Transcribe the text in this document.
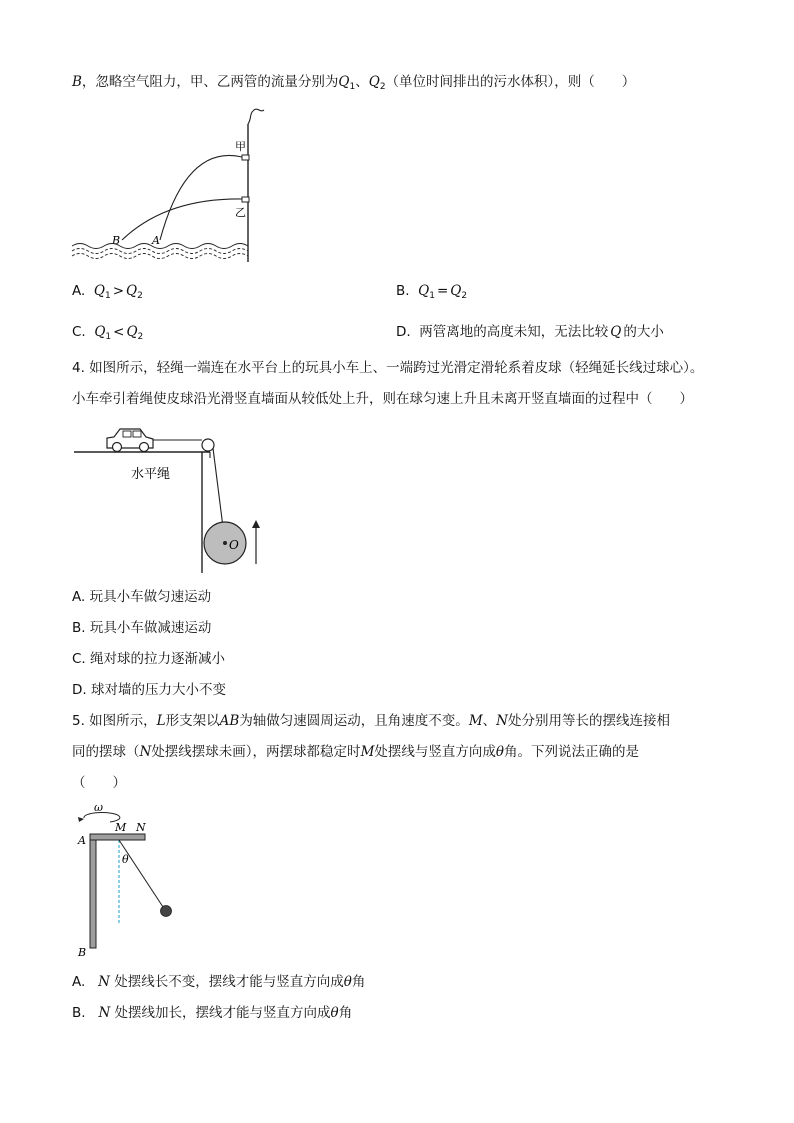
B，忽略空气阻力，甲、乙两管的流量分别为$Q_1$、$Q_2$（单位时间排出的污水体积），则（　　）
甲
乙
B	A
A. $Q_1 > Q_2$	B. $Q_1 = Q_2$
C. $Q_1 < Q_2$	D. 两管离地的高度未知，无法比较 Q 的大小
4. 如图所示，轻绳一端连在水平台上的玩具小车上、一端跨过光滑定滑轮系着皮球（轻绳延长线过球心）。
小车牵引着绳使皮球沿光滑竖直墙面从较低处上升，则在球匀速上升且未离开竖直墙面的过程中（　　）
O
水平绳
A. 玩具小车做匀速运动
B. 玩具小车做减速运动
C. 绳对球的拉力逐渐减小
D. 球对墙的压力大小不变
5. 如图所示，L形支架以AB为轴做匀速圆周运动，且角速度不变。M、N处分别用等长的摆线连接相
同的摆球（N处摆线摆球未画），两摆球都稳定时M处摆线与竖直方向成θ角。下列说法正确的是
（　　）
ω
A
B
M N
θ
A. N 处摆线长不变，摆线才能与竖直方向成θ角
B. N 处摆线加长，摆线才能与竖直方向成θ角
